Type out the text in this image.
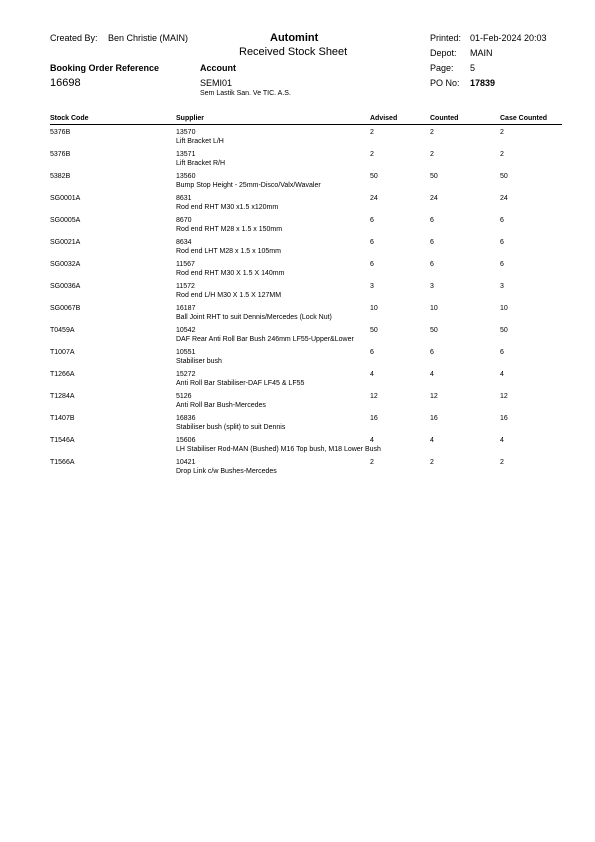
Created By: Ben Christie (MAIN)	Automint
Received Stock Sheet
Printed: 01-Feb-2024 20:03
Depot: MAIN
Page: 5
PO No: 17839
Booking Order Reference
16698
Account
SEMI01
Sem Lastik San. Ve TIC. A.S.
Stock Code	Supplier	Advised	Counted	Case Counted
5376B	13570	2	2	2
Lift Bracket L/H
5376B	13571	2	2	2
Lift Bracket R/H
5382B	13560	50	50	50
Bump Stop Height - 25mm-Disco/Valx/Wavaler
SG0001A	8631	24	24	24
Rod end RHT M30 x1.5 x120mm
SG0005A	8670	6	6	6
Rod end RHT M28 x 1.5 x 150mm
SG0021A	8634	6	6	6
Rod end LHT M28 x 1.5 x 105mm
SG0032A	11567	6	6	6
Rod end RHT M30 X 1.5 X 140mm
SG0036A	11572	3	3	3
Rod end L/H M30 X 1.5 X 127MM
SG0067B	16187	10	10	10
Ball Joint RHT to suit Dennis/Mercedes (Lock Nut)
T0459A	10542	50	50	50
DAF Rear Anti Roll Bar Bush 246mm LF55-Upper&Lower
T1007A	10551	6	6	6
Stabiliser bush
T1266A	15272	4	4	4
Anti Roll Bar Stabiliser-DAF LF45 & LF55
T1284A	5126	12	12	12
Anti Roll Bar Bush-Mercedes
T1407B	16836	16	16	16
Stabiliser bush (split) to suit Dennis
T1546A	15606	4	4	4
LH Stabiliser Rod-MAN (Bushed) M16 Top bush, M18 Lower Bush
T1566A	10421	2	2	2
Drop Link c/w Bushes-Mercedes
